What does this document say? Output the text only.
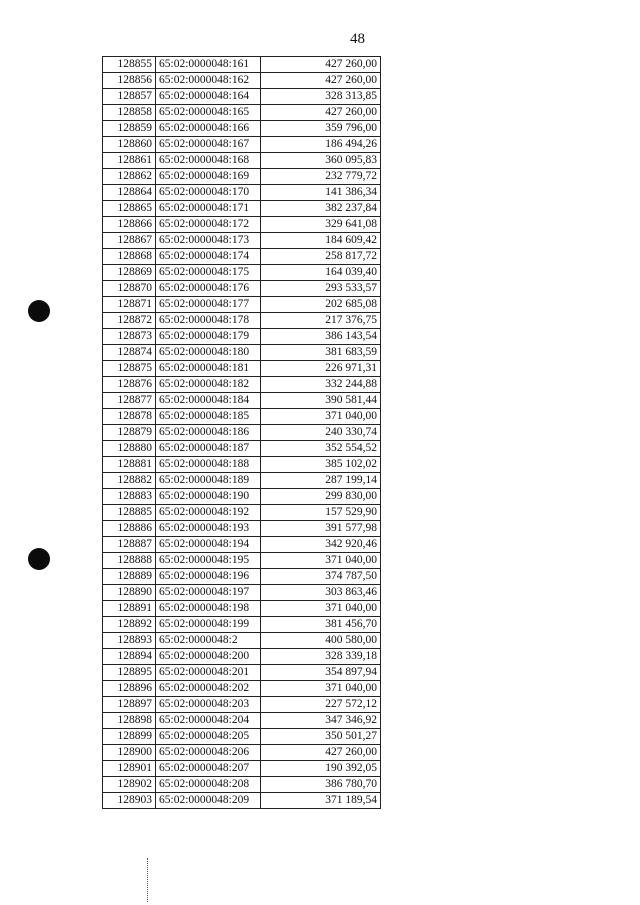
48
128855	65:02:0000048:161	427 260,00
128856	65:02:0000048:162	427 260,00
128857	65:02:0000048:164	328 313,85
128858	65:02:0000048:165	427 260,00
128859	65:02:0000048:166	359 796,00
128860	65:02:0000048:167	186 494,26
128861	65:02:0000048:168	360 095,83
128862	65:02:0000048:169	232 779,72
128864	65:02:0000048:170	141 386,34
128865	65:02:0000048:171	382 237,84
128866	65:02:0000048:172	329 641,08
128867	65:02:0000048:173	184 609,42
128868	65:02:0000048:174	258 817,72
128869	65:02:0000048:175	164 039,40
128870	65:02:0000048:176	293 533,57
128871	65:02:0000048:177	202 685,08
128872	65:02:0000048:178	217 376,75
128873	65:02:0000048:179	386 143,54
128874	65:02:0000048:180	381 683,59
128875	65:02:0000048:181	226 971,31
128876	65:02:0000048:182	332 244,88
128877	65:02:0000048:184	390 581,44
128878	65:02:0000048:185	371 040,00
128879	65:02:0000048:186	240 330,74
128880	65:02:0000048:187	352 554,52
128881	65:02:0000048:188	385 102,02
128882	65:02:0000048:189	287 199,14
128883	65:02:0000048:190	299 830,00
128885	65:02:0000048:192	157 529,90
128886	65:02:0000048:193	391 577,98
128887	65:02:0000048:194	342 920,46
128888	65:02:0000048:195	371 040,00
128889	65:02:0000048:196	374 787,50
128890	65:02:0000048:197	303 863,46
128891	65:02:0000048:198	371 040,00
128892	65:02:0000048:199	381 456,70
128893	65:02:0000048:2	400 580,00
128894	65:02:0000048:200	328 339,18
128895	65:02:0000048:201	354 897,94
128896	65:02:0000048:202	371 040,00
128897	65:02:0000048:203	227 572,12
128898	65:02:0000048:204	347 346,92
128899	65:02:0000048:205	350 501,27
128900	65:02:0000048:206	427 260,00
128901	65:02:0000048:207	190 392,05
128902	65:02:0000048:208	386 780,70
128903	65:02:0000048:209	371 189,54
